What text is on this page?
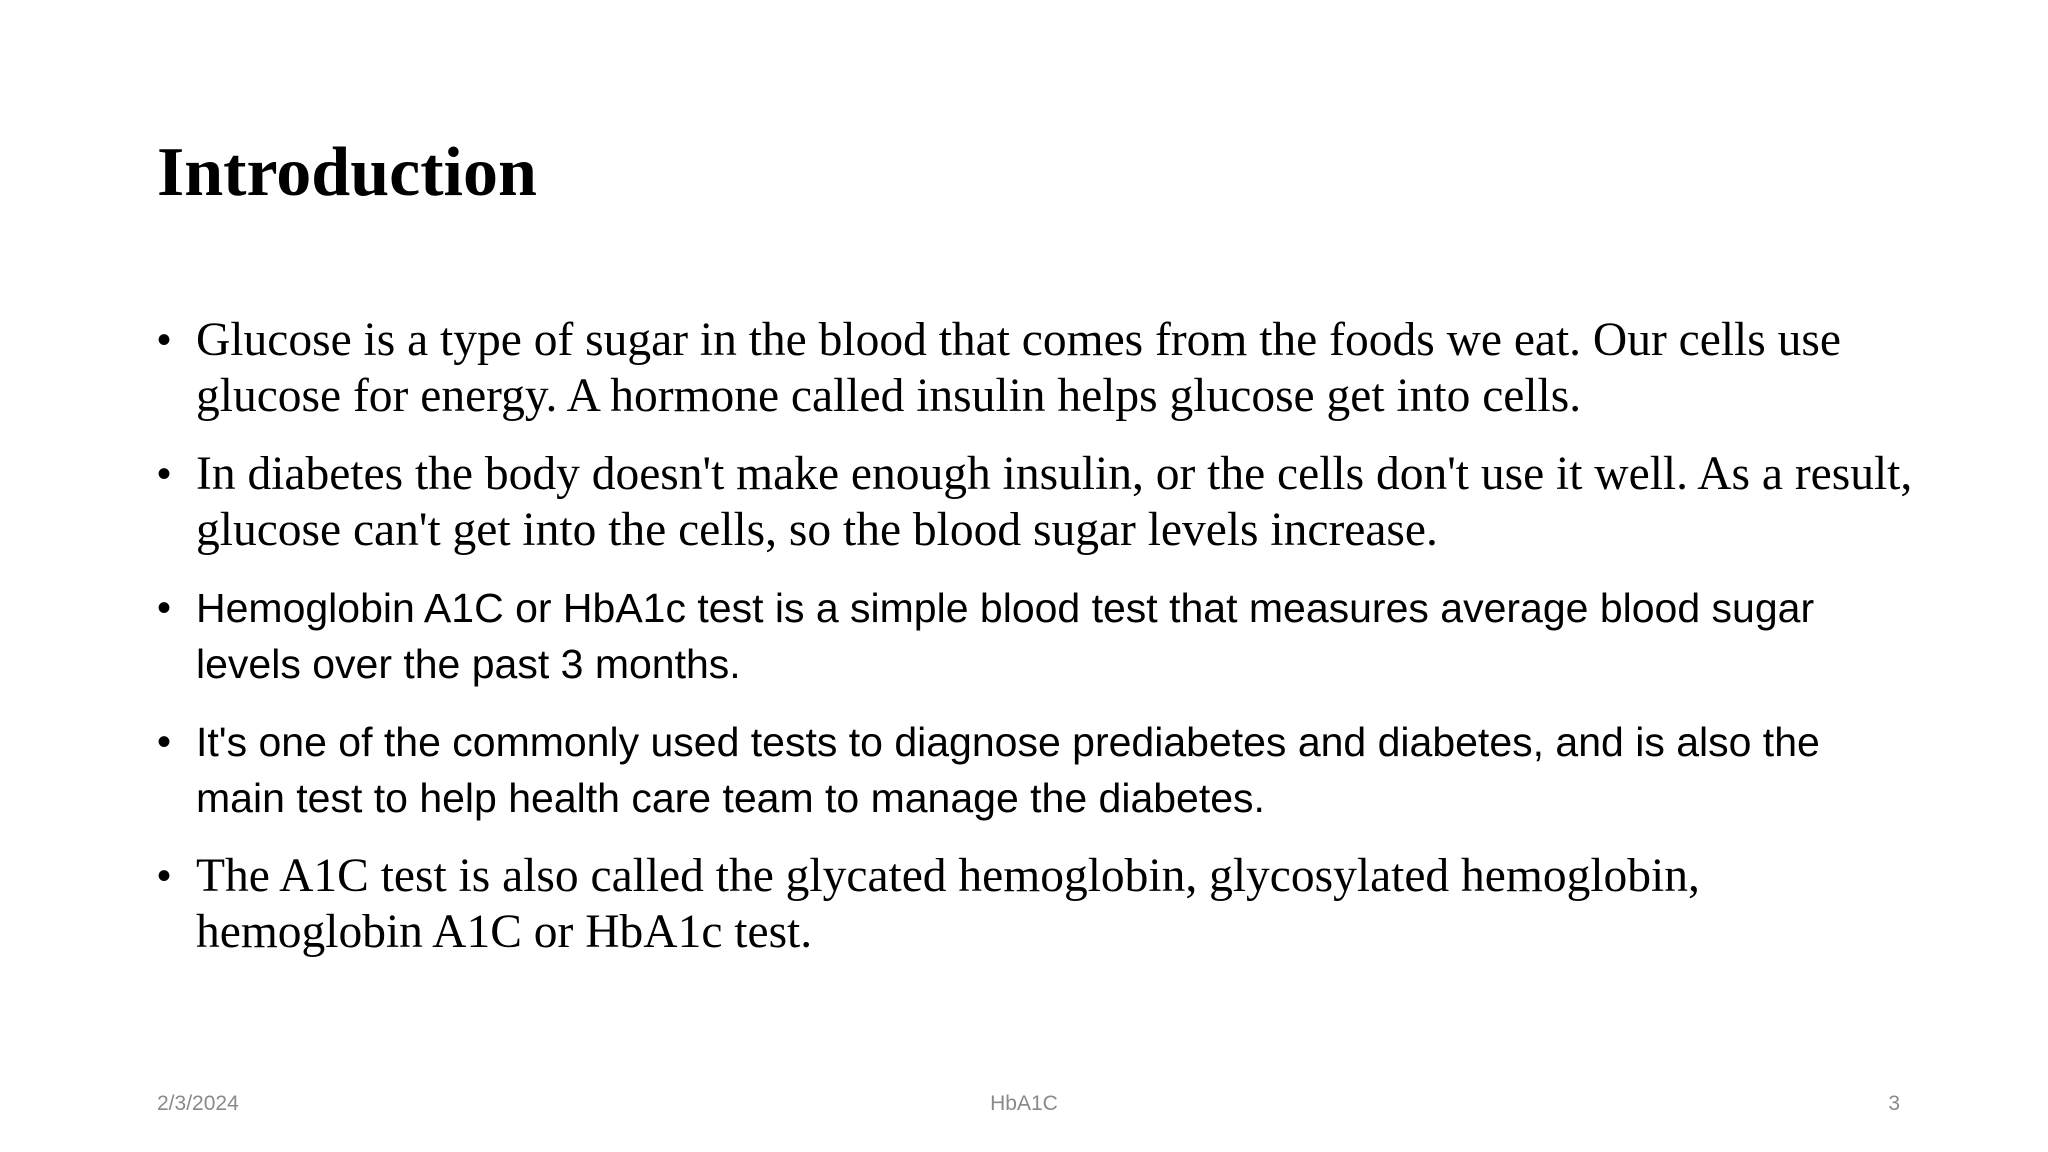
Introduction
• Glucose is a type of sugar in the blood that comes from the foods we eat. Our cells use glucose for energy. A hormone called insulin helps glucose get into cells.
• In diabetes the body doesn't make enough insulin, or the cells don't use it well. As a result, glucose can't get into the cells, so the blood sugar levels increase.
• Hemoglobin A1C or HbA1c test is a simple blood test that measures average blood sugar levels over the past 3 months.
• It's one of the commonly used tests to diagnose prediabetes and diabetes, and is also the main test to help health care team to manage the diabetes.
• The A1C test is also called the glycated hemoglobin, glycosylated hemoglobin, hemoglobin A1C or HbA1c test.
2/3/2024	HbA1C	3
